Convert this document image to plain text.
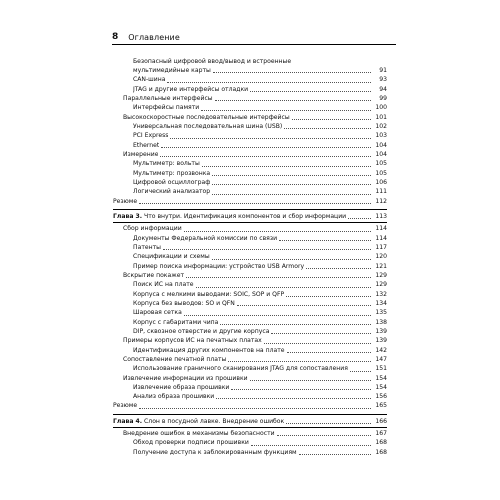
8 Оглавление
Безопасный цифровой ввод/вывод и встроенные
мультимедийные карты	91
CAN-шина	93
JTAG и другие интерфейсы отладки	94
Параллельные интерфейсы	99
Интерфейсы памяти	100
Высокоскоростные последовательные интерфейсы	101
Универсальная последовательная шина (USB)	102
PCI Express	103
Ethernet	104
Измерение	104
Мультиметр: вольты	105
Мультиметр: прозвонка	105
Цифровой осциллограф	106
Логический анализатор	111
Резюме	112
Глава 3. Что внутри. Идентификация компонентов и сбор информации	113
Сбор информации	114
Документы Федеральной комиссии по связи	114
Патенты	117
Спецификации и схемы	120
Пример поиска информации: устройство USB Armory	121
Вскрытие покажет	129
Поиск ИС на плате	129
Корпуса с мелкими выводами: SOIC, SOP и QFP	132
Корпуса без выводов: SO и QFN	134
Шаровая сетка	135
Корпус с габаритами чипа	138
DIP, сквозное отверстие и другие корпуса	139
Примеры корпусов ИС на печатных платах	139
Идентификация других компонентов на плате	142
Сопоставление печатной платы	147
Использование граничного сканирования JTAG для сопоставления	151
Извлечение информации из прошивки	154
Извлечение образа прошивки	154
Анализ образа прошивки	156
Резюме	165
Глава 4. Слон в посудной лавке. Внедрение ошибок	166
Внедрение ошибок в механизмы безопасности	167
Обход проверки подписи прошивки	168
Получение доступа к заблокированным функциям	168
